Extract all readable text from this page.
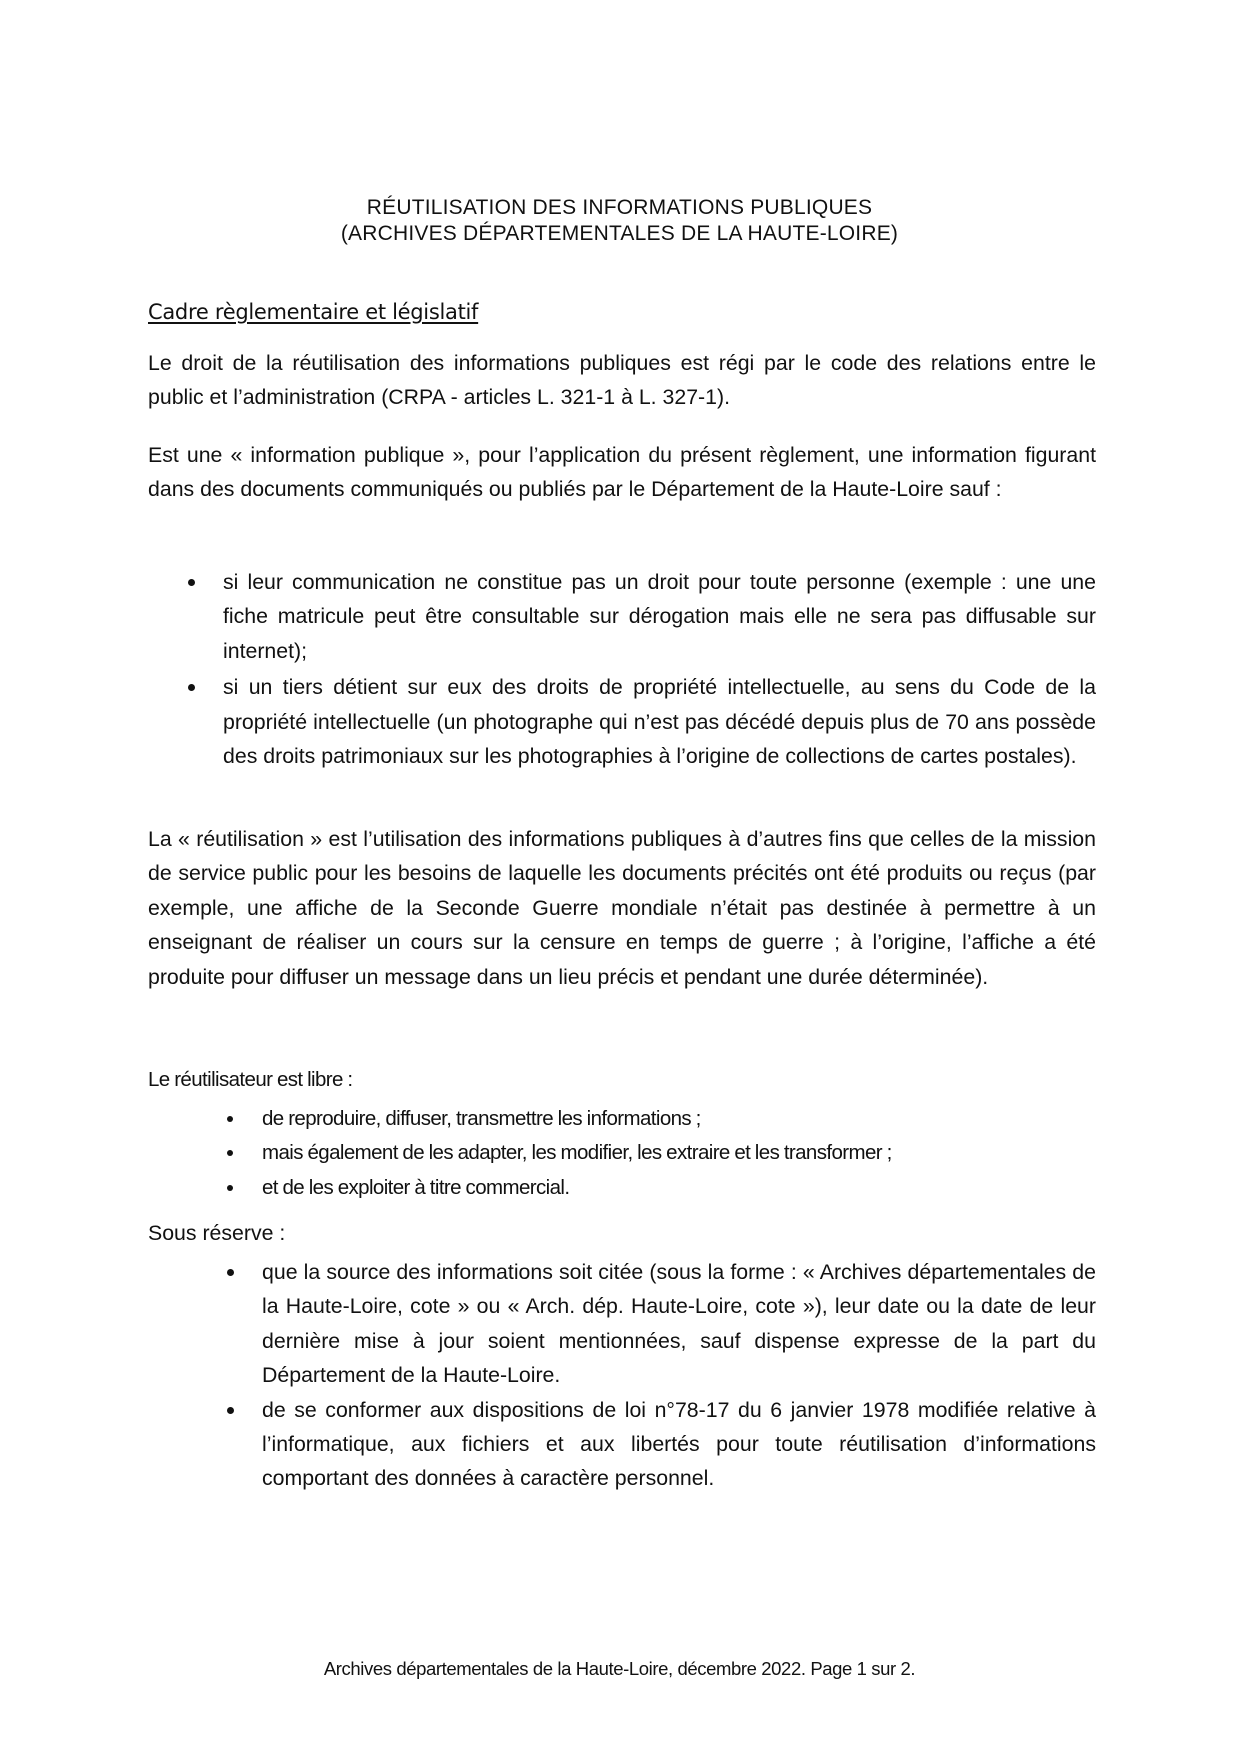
RÉUTILISATION DES INFORMATIONS PUBLIQUES
(ARCHIVES DÉPARTEMENTALES DE LA HAUTE-LOIRE)
Cadre règlementaire et législatif

Le droit de la réutilisation des informations publiques est régi par le code des relations entre le public et l’administration (CRPA - articles L. 321-1 à L. 327-1).

Est une « information publique », pour l’application du présent règlement, une information figurant dans des documents communiqués ou publiés par le Département de la Haute-Loire sauf :

si leur communication ne constitue pas un droit pour toute personne (exemple : une une fiche matricule peut être consultable sur dérogation mais elle ne sera pas diffusable sur internet);
si un tiers détient sur eux des droits de propriété intellectuelle, au sens du Code de la propriété intellectuelle (un photographe qui n’est pas décédé depuis plus de 70 ans possède des droits patrimoniaux sur les photographies à l’origine de collections de cartes postales).

La « réutilisation » est l’utilisation des informations publiques à d’autres fins que celles de la mission de service public pour les besoins de laquelle les documents précités ont été produits ou reçus (par exemple, une affiche de la Seconde Guerre mondiale n’était pas destinée à permettre à un enseignant de réaliser un cours sur la censure en temps de guerre ; à l’origine, l’affiche a été produite pour diffuser un message dans un lieu précis et pendant une durée déterminée).

Le réutilisateur est libre :
de reproduire, diffuser, transmettre les informations ;
mais également de les adapter, les modifier, les extraire et les transformer ;
et de les exploiter à titre commercial.
Sous réserve :
que la source des informations soit citée (sous la forme : « Archives départementales de la Haute-Loire, cote » ou « Arch. dép. Haute-Loire, cote »), leur date ou la date de leur dernière mise à jour soient mentionnées, sauf dispense expresse de la part du Département de la Haute-Loire.
de se conformer aux dispositions de loi n°78-17 du 6 janvier 1978 modifiée relative à l’informatique, aux fichiers et aux libertés pour toute réutilisation d’informations comportant des données à caractère personnel.
Archives départementales de la Haute-Loire, décembre 2022. Page 1 sur 2.
